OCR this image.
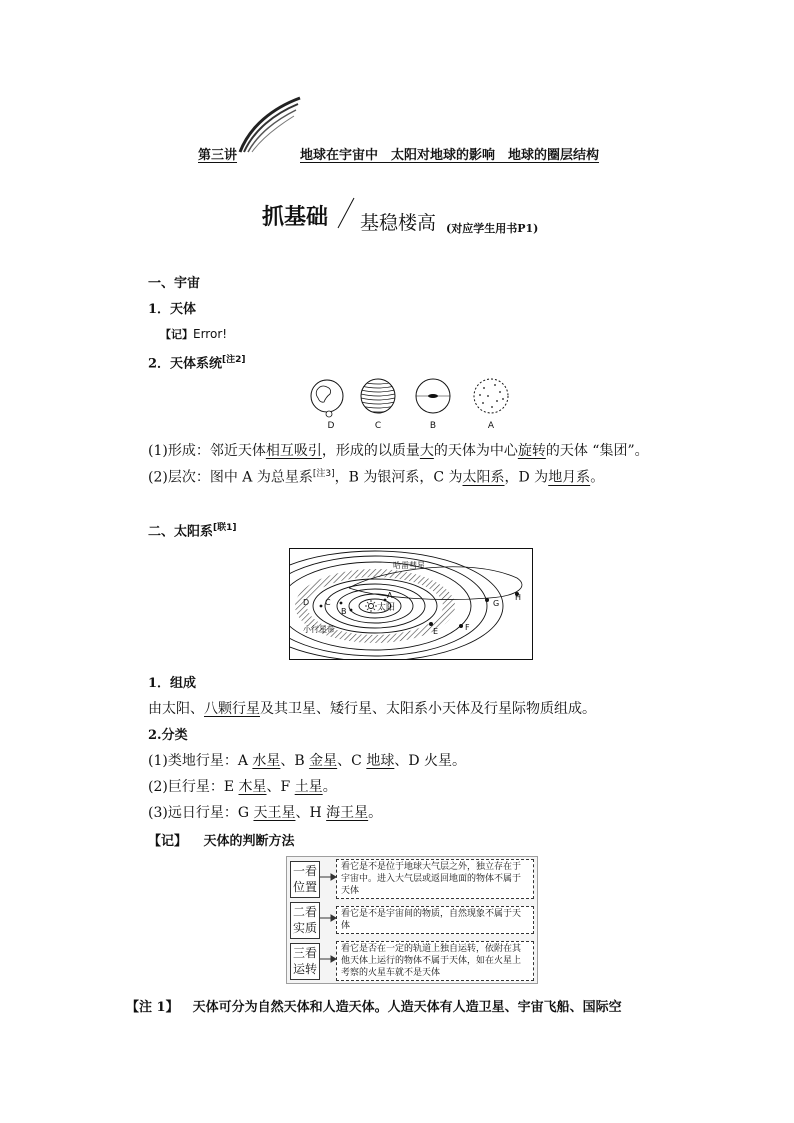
第三讲	地球在宇宙中　太阳对地球的影响　地球的圈层结构
抓基础 基稳楼高 (对应学生用书P1)
一、宇宙
1．天体
【记】Error!
2．天体系统[注2]
D	C	B	A
(1)形成：邻近天体相互吸引，形成的以质量大的天体为中心旋转的天体 “集团”。
(2)层次：图中 A 为总星系[注3]，B 为银河系，C 为太阳系，D 为地月系。
二、太阳系[联1]
太阳
哈雷彗星
小行星带
A
B
C
D
E	F
G
H
1．组成
由太阳、八颗行星及其卫星、矮行星、太阳系小天体及行星际物质组成。
2.分类
(1)类地行星：A 水星、B 金星、C 地球、D 火星。
(2)巨行星：E 木星、F 土星。
(3)远日行星：G 天王星、H 海王星。
【记】 天体的判断方法
一看
位置
二看
实质
三看
运转
看它是不是位于地球大气层之外，独立存在于宇宙中。进入大气层或返回地面的物体不属于天体
看它是不是宇宙间的物质，自然现象不属于天体
看它是否在一定的轨道上独自运转，依附在其他天体上运行的物体不属于天体，如在火星上考察的火星车就不是天体
【注 1】 天体可分为自然天体和人造天体。人造天体有人造卫星、宇宙飞船、国际空
